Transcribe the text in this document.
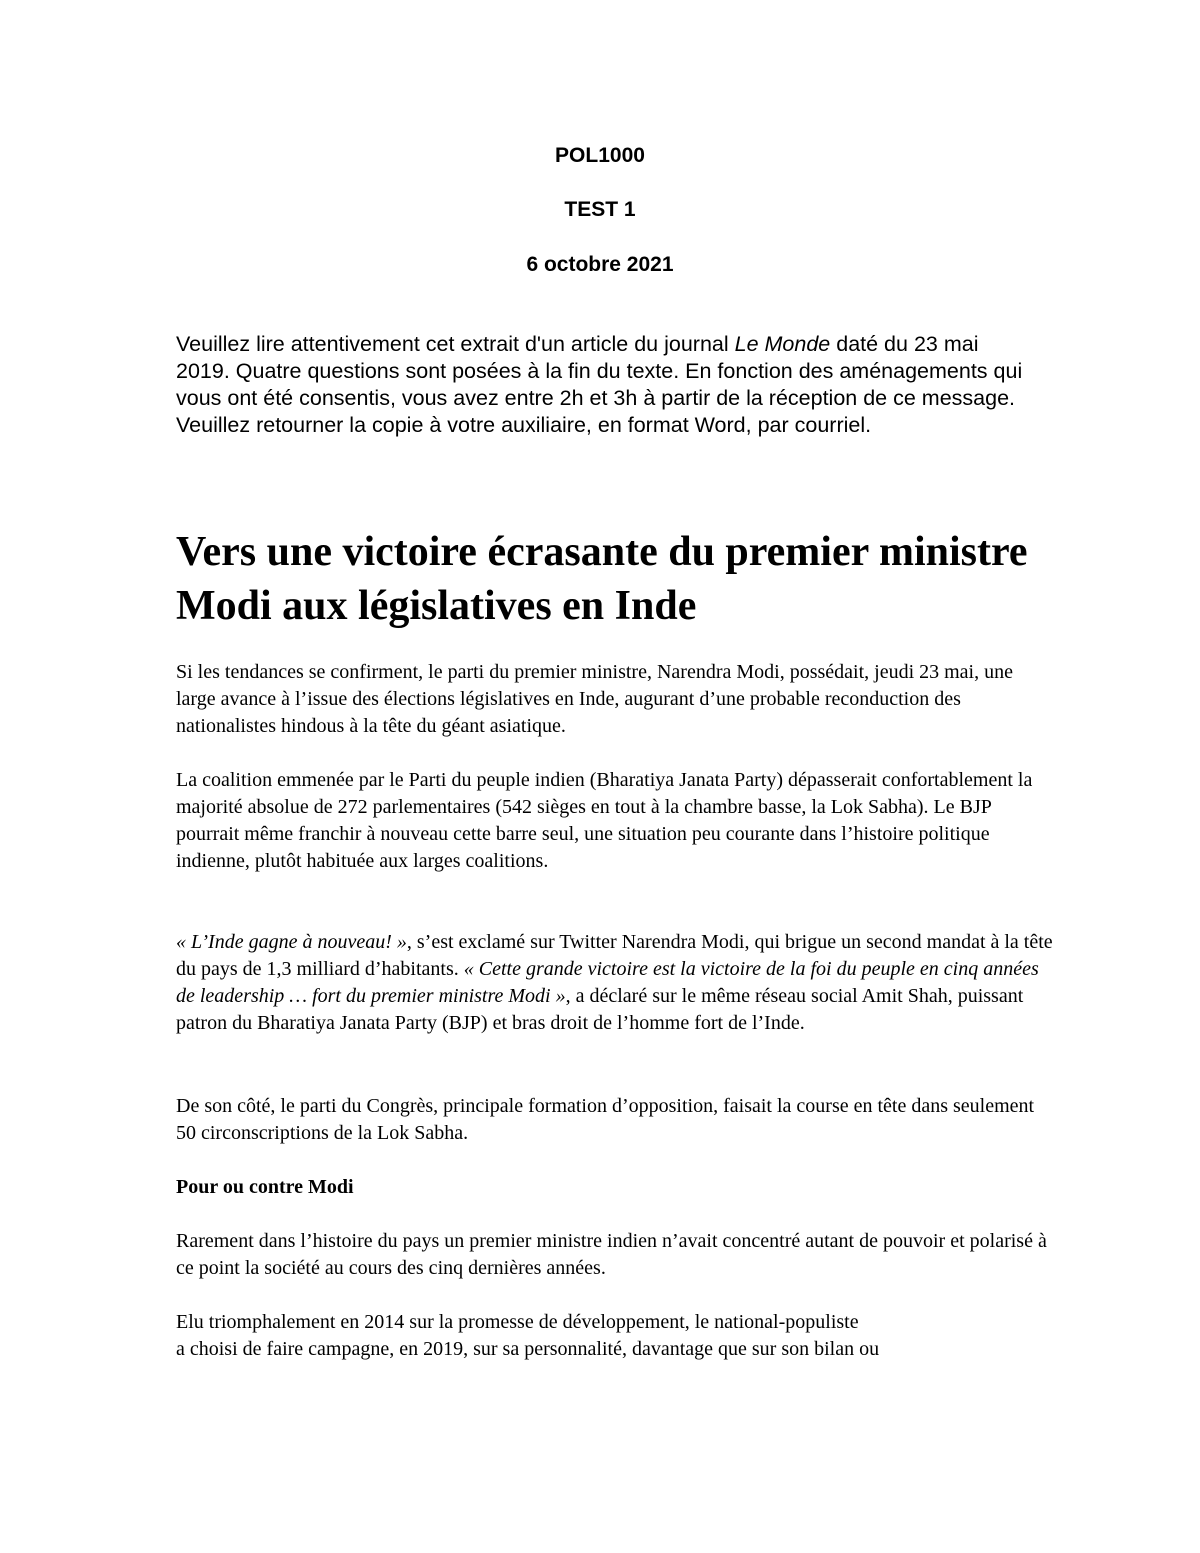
POL1000
TEST 1
6 octobre 2021

Veuillez lire attentivement cet extrait d'un article du journal Le Monde daté du 23 mai 2019. Quatre questions sont posées à la fin du texte. En fonction des aménagements qui vous ont été consentis, vous avez entre 2h et 3h à partir de la réception de ce message. Veuillez retourner la copie à votre auxiliaire, en format Word, par courriel.

Vers une victoire écrasante du premier ministre Modi aux législatives en Inde

Si les tendances se confirment, le parti du premier ministre, Narendra Modi, possédait, jeudi 23 mai, une large avance à l’issue des élections législatives en Inde, augurant d’une probable reconduction des nationalistes hindous à la tête du géant asiatique.

La coalition emmenée par le Parti du peuple indien (Bharatiya Janata Party) dépasserait confortablement la majorité absolue de 272 parlementaires (542 sièges en tout à la chambre basse, la Lok Sabha). Le BJP pourrait même franchir à nouveau cette barre seul, une situation peu courante dans l’histoire politique indienne, plutôt habituée aux larges coalitions.

« L’Inde gagne à nouveau! », s’est exclamé sur Twitter Narendra Modi, qui brigue un second mandat à la tête du pays de 1,3 milliard d’habitants. « Cette grande victoire est la victoire de la foi du peuple en cinq années de leadership … fort du premier ministre Modi », a déclaré sur le même réseau social Amit Shah, puissant patron du Bharatiya Janata Party (BJP) et bras droit de l’homme fort de l’Inde.

De son côté, le parti du Congrès, principale formation d’opposition, faisait la course en tête dans seulement 50 circonscriptions de la Lok Sabha.

Pour ou contre Modi

Rarement dans l’histoire du pays un premier ministre indien n’avait concentré autant de pouvoir et polarisé à ce point la société au cours des cinq dernières années.

Elu triomphalement en 2014 sur la promesse de développement, le national-populiste
a choisi de faire campagne, en 2019, sur sa personnalité, davantage que sur son bilan ou
